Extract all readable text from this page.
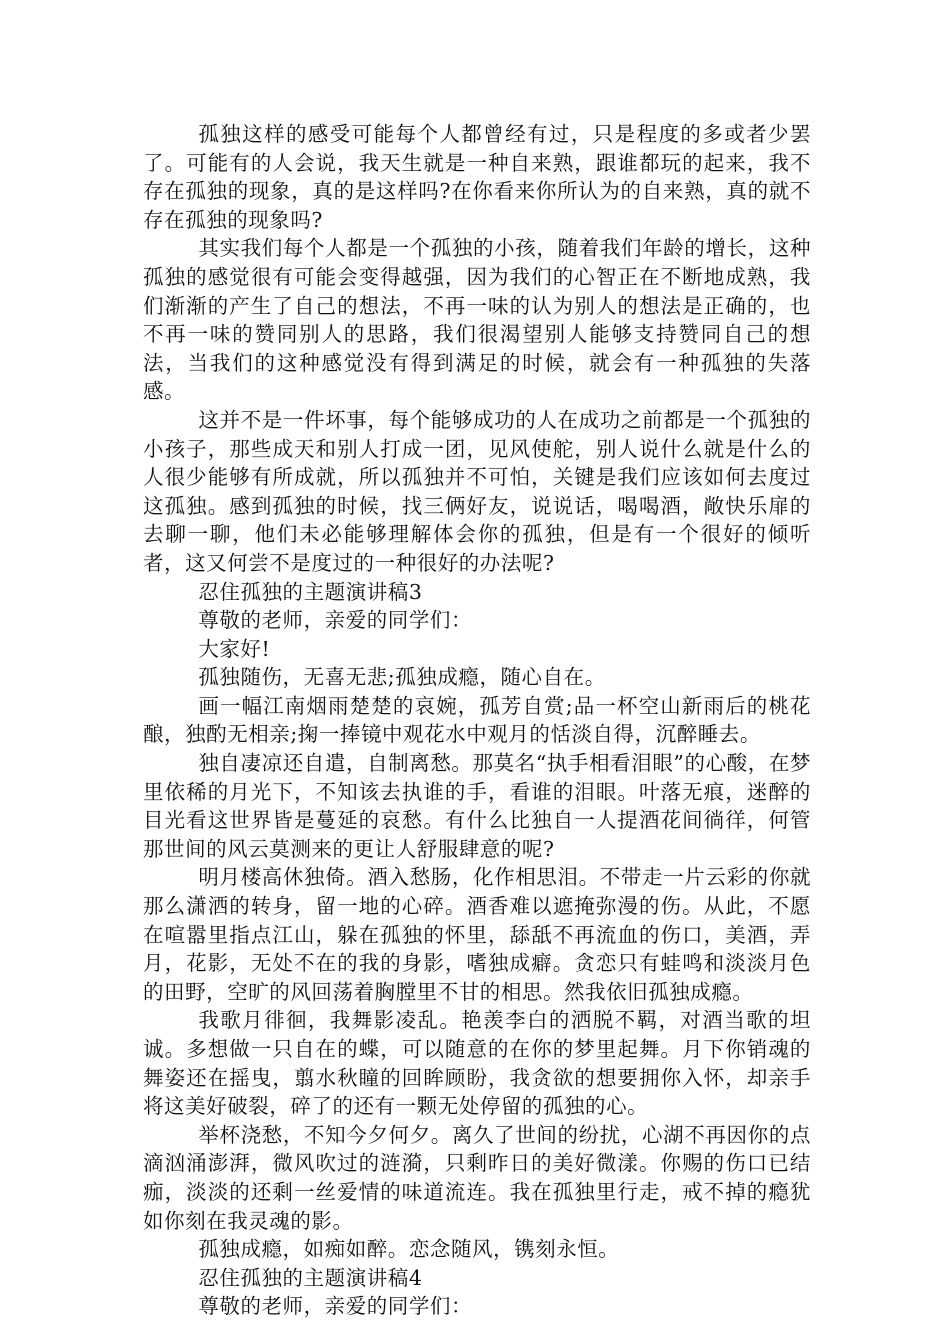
孤独这样的感受可能每个人都曾经有过，只是程度的多或者少罢了。可能有的人会说，我天生就是一种自来熟，跟谁都玩的起来，我不存在孤独的现象，真的是这样吗?在你看来你所认为的自来熟，真的就不存在孤独的现象吗?

其实我们每个人都是一个孤独的小孩，随着我们年龄的增长，这种孤独的感觉很有可能会变得越强，因为我们的心智正在不断地成熟，我们渐渐的产生了自己的想法，不再一味的认为别人的想法是正确的，也不再一味的赞同别人的思路，我们很渴望别人能够支持赞同自己的想法，当我们的这种感觉没有得到满足的时候，就会有一种孤独的失落感。

这并不是一件坏事，每个能够成功的人在成功之前都是一个孤独的小孩子，那些成天和别人打成一团，见风使舵，别人说什么就是什么的人很少能够有所成就，所以孤独并不可怕，关键是我们应该如何去度过这孤独。感到孤独的时候，找三俩好友，说说话，喝喝酒，敞快乐扉的去聊一聊，他们未必能够理解体会你的孤独，但是有一个很好的倾听者，这又何尝不是度过的一种很好的办法呢?

忍住孤独的主题演讲稿3

尊敬的老师，亲爱的同学们：

大家好!

孤独随伤，无喜无悲;孤独成瘾，随心自在。

画一幅江南烟雨楚楚的哀婉，孤芳自赏;品一杯空山新雨后的桃花酿，独酌无相亲;掬一捧镜中观花水中观月的恬淡自得，沉醉睡去。

独自凄凉还自遣，自制离愁。那莫名“执手相看泪眼”的心酸，在梦里依稀的月光下，不知该去执谁的手，看谁的泪眼。叶落无痕，迷醉的目光看这世界皆是蔓延的哀愁。有什么比独自一人提酒花间徜徉，何管那世间的风云莫测来的更让人舒服肆意的呢?

明月楼高休独倚。酒入愁肠，化作相思泪。不带走一片云彩的你就那么潇洒的转身，留一地的心碎。酒香难以遮掩弥漫的伤。从此，不愿在喧嚣里指点江山，躲在孤独的怀里，舔舐不再流血的伤口，美酒，弄月，花影，无处不在的我的身影，嗜独成癖。贪恋只有蛙鸣和淡淡月色的田野，空旷的风回荡着胸膛里不甘的相思。然我依旧孤独成瘾。

我歌月徘徊，我舞影凌乱。艳羡李白的洒脱不羁，对酒当歌的坦诚。多想做一只自在的蝶，可以随意的在你的梦里起舞。月下你销魂的舞姿还在摇曳，翦水秋瞳的回眸顾盼，我贪欲的想要拥你入怀，却亲手将这美好破裂，碎了的还有一颗无处停留的孤独的心。

举杯浇愁，不知今夕何夕。离久了世间的纷扰，心湖不再因你的点滴汹涌澎湃，微风吹过的涟漪，只剩昨日的美好微漾。你赐的伤口已结痂，淡淡的还剩一丝爱情的味道流连。我在孤独里行走，戒不掉的瘾犹如你刻在我灵魂的影。

孤独成瘾，如痴如醉。恋念随风，镌刻永恒。

忍住孤独的主题演讲稿4

尊敬的老师，亲爱的同学们：
